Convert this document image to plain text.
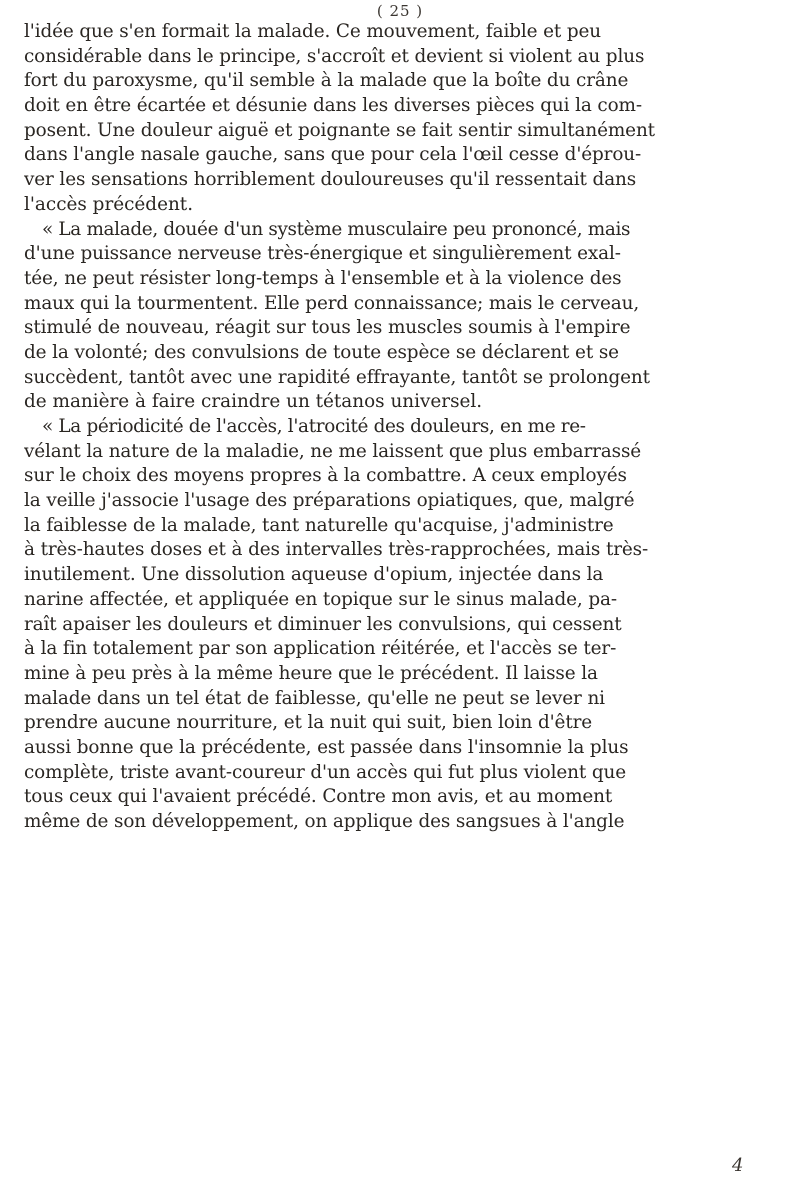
( 25 )
l'idée que s'en formait la malade. Ce mouvement, faible et peu
considérable dans le principe, s'accroît et devient si violent au plus
fort du paroxysme, qu'il semble à la malade que la boîte du crâne
doit en être écartée et désunie dans les diverses pièces qui la com-
posent. Une douleur aiguë et poignante se fait sentir simultanément
dans l'angle nasale gauche, sans que pour cela l'œil cesse d'éprou-
ver les sensations horriblement douloureuses qu'il ressentait dans
l'accès précédent.
« La malade, douée d'un système musculaire peu prononcé, mais
d'une puissance nerveuse très-énergique et singulièrement exal-
tée, ne peut résister long-temps à l'ensemble et à la violence des
maux qui la tourmentent. Elle perd connaissance; mais le cerveau,
stimulé de nouveau, réagit sur tous les muscles soumis à l'empire
de la volonté; des convulsions de toute espèce se déclarent et se
succèdent, tantôt avec une rapidité effrayante, tantôt se prolongent
de manière à faire craindre un tétanos universel.
« La périodicité de l'accès, l'atrocité des douleurs, en me re-
vélant la nature de la maladie, ne me laissent que plus embarrassé
sur le choix des moyens propres à la combattre. A ceux employés
la veille j'associe l'usage des préparations opiatiques, que, malgré
la faiblesse de la malade, tant naturelle qu'acquise, j'administre
à très-hautes doses et à des intervalles très-rapprochées, mais très-
inutilement. Une dissolution aqueuse d'opium, injectée dans la
narine affectée, et appliquée en topique sur le sinus malade, pa-
raît apaiser les douleurs et diminuer les convulsions, qui cessent
à la fin totalement par son application réitérée, et l'accès se ter-
mine à peu près à la même heure que le précédent. Il laisse la
malade dans un tel état de faiblesse, qu'elle ne peut se lever ni
prendre aucune nourriture, et la nuit qui suit, bien loin d'être
aussi bonne que la précédente, est passée dans l'insomnie la plus
complète, triste avant-coureur d'un accès qui fut plus violent que
tous ceux qui l'avaient précédé. Contre mon avis, et au moment
même de son développement, on applique des sangsues à l'angle
4
